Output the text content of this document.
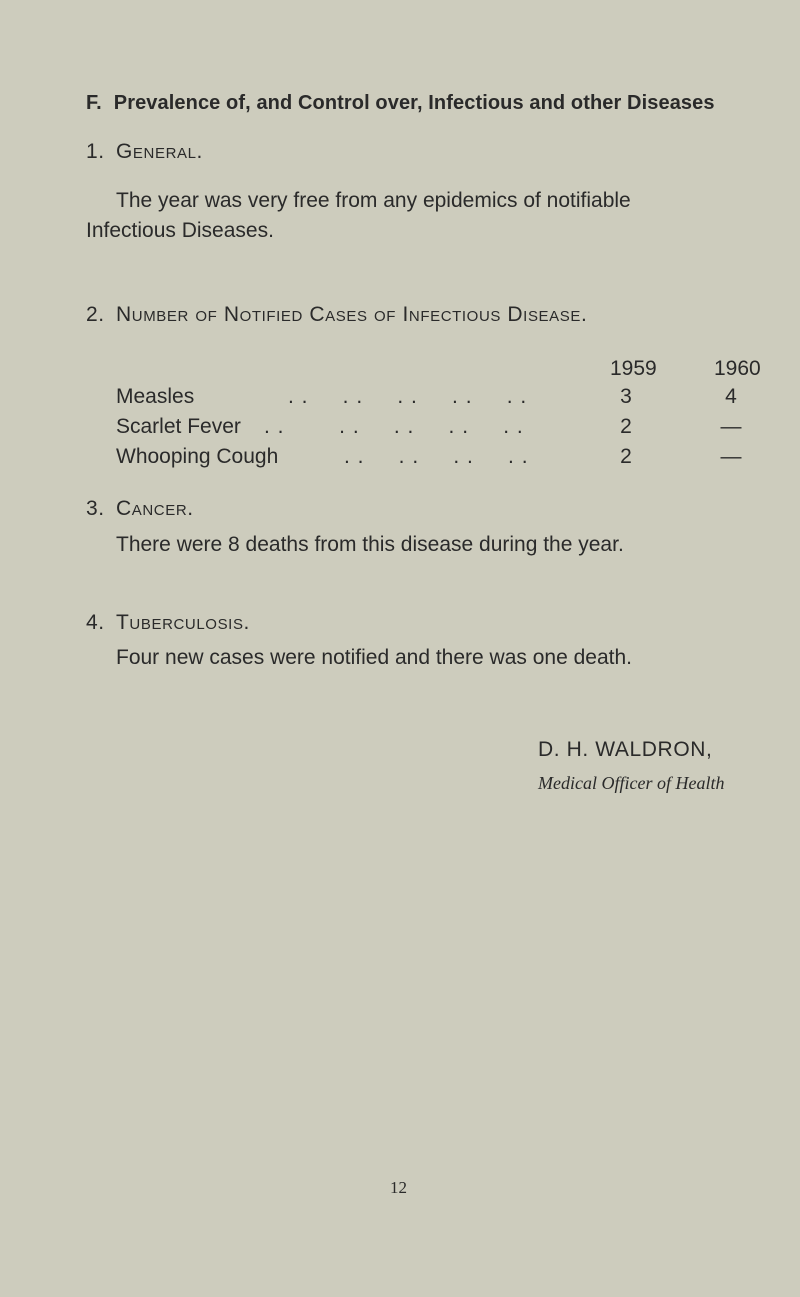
F. Prevalence of, and Control over, Infectious and other Diseases
1. General.
The year was very free from any epidemics of notifiable
Infectious Diseases.
2. Number of Notified Cases of Infectious Disease.
1959	1960
Measles	. .     . .     . .     . .     . .	3	4
Scarlet Fever . .        . .     . .     . .     . .	2	—
Whooping Cough	. .     . .     . .     . .	2	—
3. Cancer.
There were 8 deaths from this disease during the year.
4. Tuberculosis.
Four new cases were notified and there was one death.
D. H. WALDRON,
Medical Officer of Health
12
